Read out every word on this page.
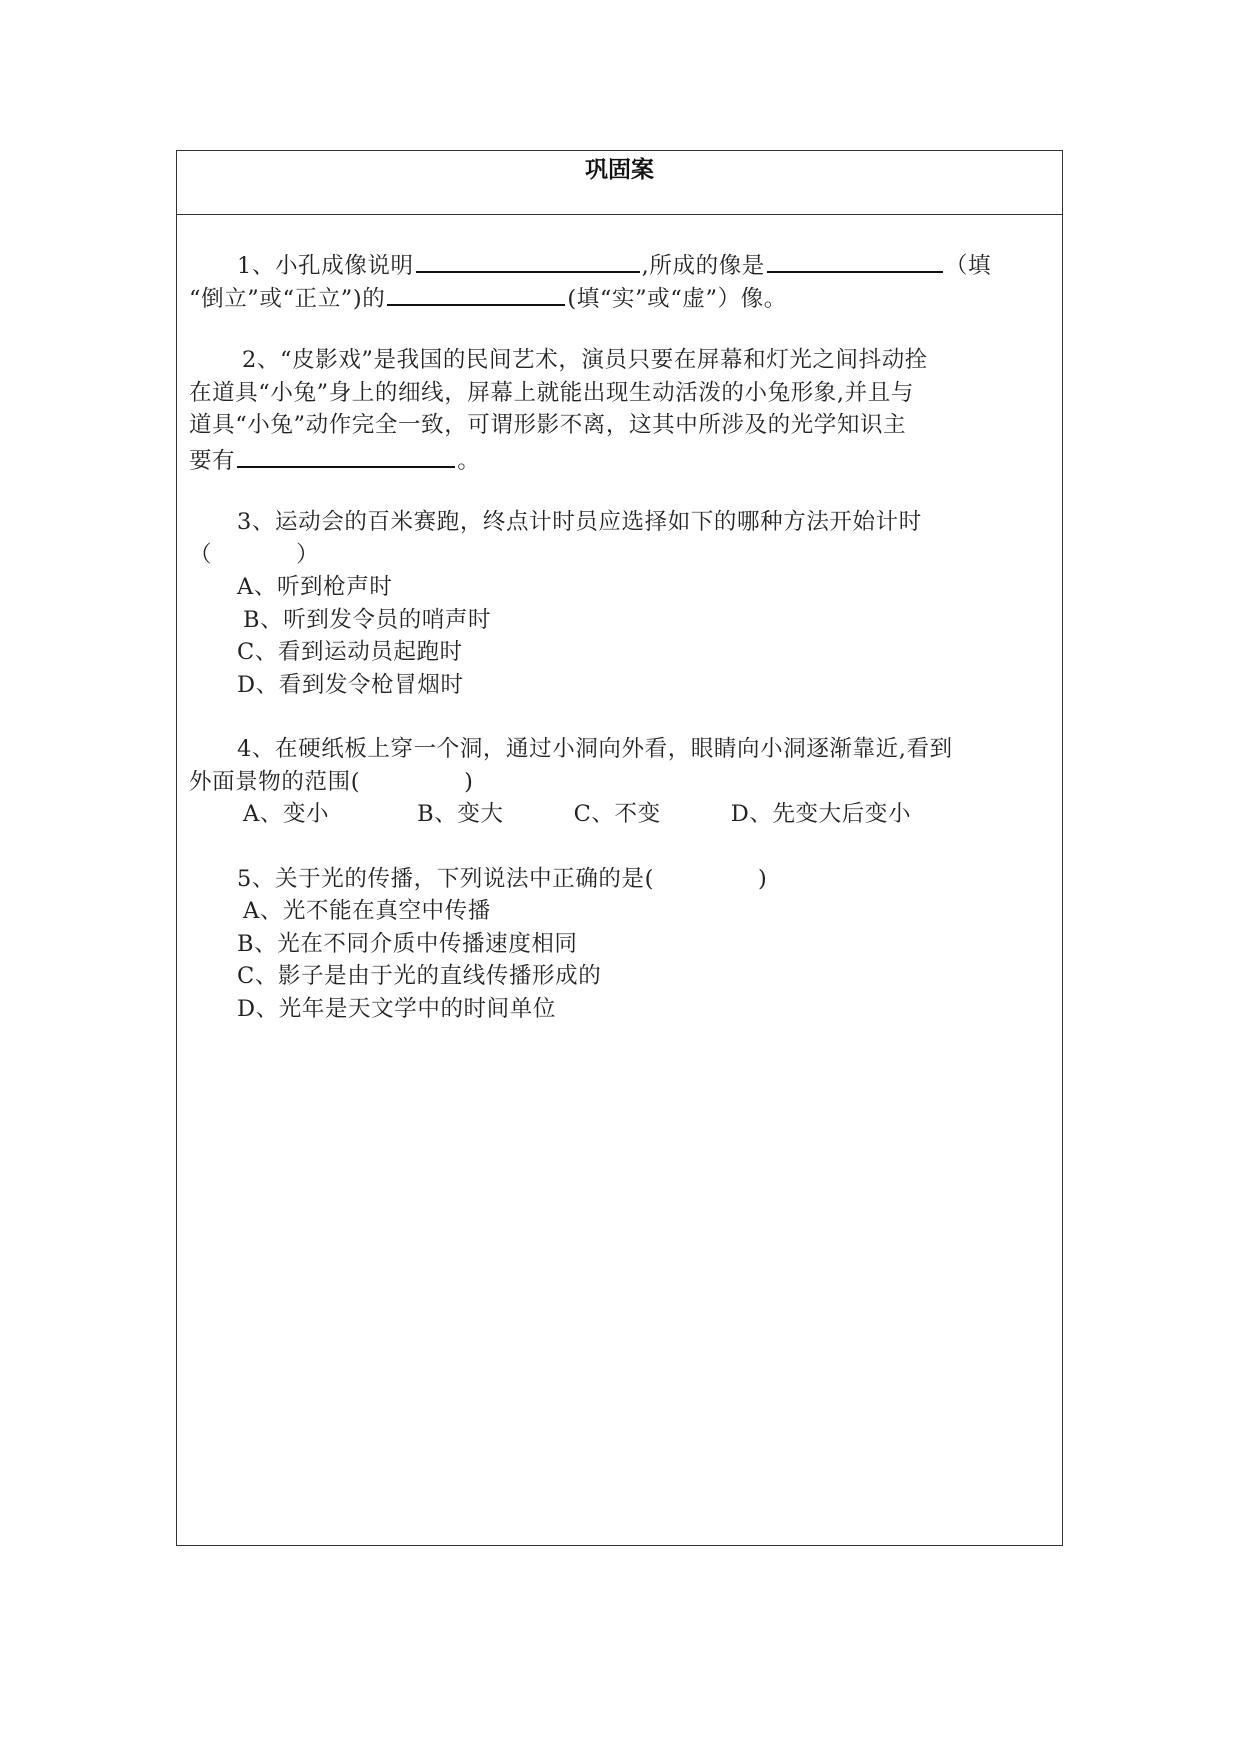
巩固案
1、小孔成像说明	,所成的像是	（填
“倒立”或“正立”)的	(填“实”或“虚”）像。
2、“皮影戏”是我国的民间艺术，演员只要在屏幕和灯光之间抖动拴
在道具“小兔”身上的细线，屏幕上就能出现生动活泼的小兔形象,并且与
道具“小兔”动作完全一致，可谓形影不离，这其中所涉及的光学知识主
要有	。
3、运动会的百米赛跑，终点计时员应选择如下的哪种方法开始计时
（	）
A、听到枪声时
B、听到发令员的哨声时
C、看到运动员起跑时
D、看到发令枪冒烟时
4、在硬纸板上穿一个洞，通过小洞向外看，眼睛向小洞逐渐靠近,看到
外面景物的范围(	)
A、变小	B、变大	C、不变	D、先变大后变小
5、关于光的传播，下列说法中正确的是(	)
A、光不能在真空中传播
B、光在不同介质中传播速度相同
C、影子是由于光的直线传播形成的
D、光年是天文学中的时间单位
